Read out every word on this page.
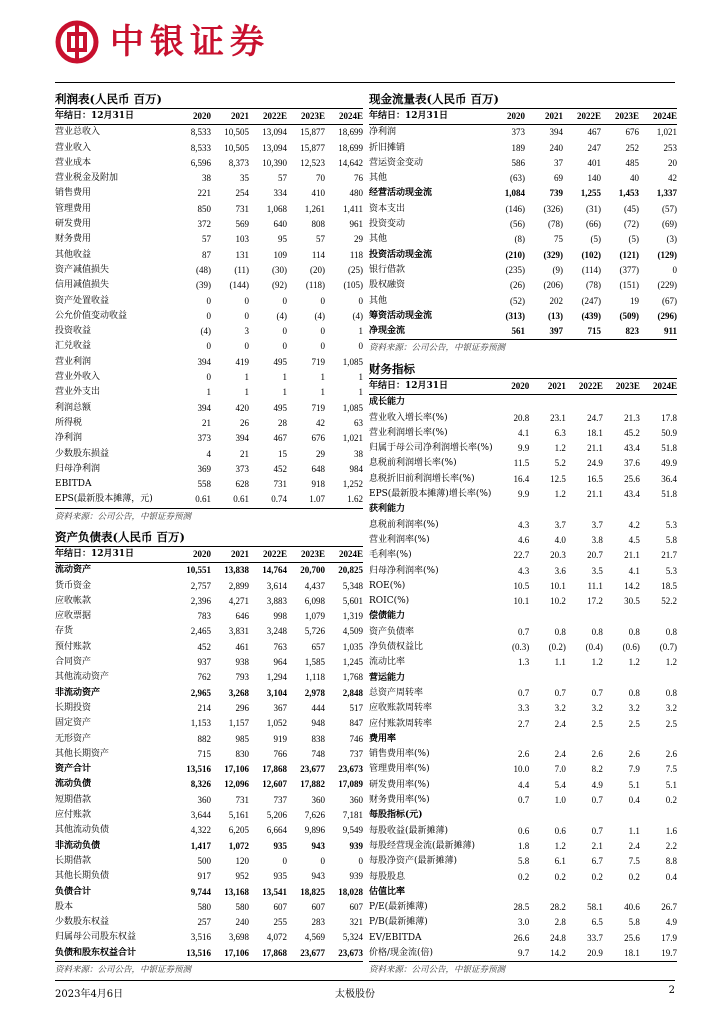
中银证券
利润表(人民币 百万)
年结日：12月31日	2020	2021	2022E	2023E	2024E
营业总收入	8,533	10,505	13,094	15,877	18,699
营业收入	8,533	10,505	13,094	15,877	18,699
营业成本	6,596	8,373	10,390	12,523	14,642
营业税金及附加	38	35	57	70	76
销售费用	221	254	334	410	480
管理费用	850	731	1,068	1,261	1,411
研发费用	372	569	640	808	961
财务费用	57	103	95	57	29
其他收益	87	131	109	114	118
资产减值损失	(48)	(11)	(30)	(20)	(25)
信用减值损失	(39)	(144)	(92)	(118)	(105)
资产处置收益	0	0	0	0	0
公允价值变动收益	0	0	(4)	(4)	(4)
投资收益	(4)	3	0	0	1
汇兑收益	0	0	0	0	0
营业利润	394	419	495	719	1,085
营业外收入	0	1	1	1	1
营业外支出	1	1	1	1	1
利润总额	394	420	495	719	1,085
所得税	21	26	28	42	63
净利润	373	394	467	676	1,021
少数股东损益	4	21	15	29	38
归母净利润	369	373	452	648	984
EBITDA	558	628	731	918	1,252
EPS(最新股本摊薄，元)	0.61	0.61	0.74	1.07	1.62
资料来源：公司公告，中银证券预测
资产负债表(人民币 百万)
年结日：12月31日	2020	2021	2022E	2023E	2024E
流动资产	10,551	13,838	14,764	20,700	20,825
货币资金	2,757	2,899	3,614	4,437	5,348
应收帐款	2,396	4,271	3,883	6,098	5,601
应收票据	783	646	998	1,079	1,319
存货	2,465	3,831	3,248	5,726	4,509
预付账款	452	461	763	657	1,035
合同资产	937	938	964	1,585	1,245
其他流动资产	762	793	1,294	1,118	1,768
非流动资产	2,965	3,268	3,104	2,978	2,848
长期投资	214	296	367	444	517
固定资产	1,153	1,157	1,052	948	847
无形资产	882	985	919	838	746
其他长期资产	715	830	766	748	737
资产合计	13,516	17,106	17,868	23,677	23,673
流动负债	8,326	12,096	12,607	17,882	17,089
短期借款	360	731	737	360	360
应付账款	3,644	5,161	5,206	7,626	7,181
其他流动负债	4,322	6,205	6,664	9,896	9,549
非流动负债	1,417	1,072	935	943	939
长期借款	500	120	0	0	0
其他长期负债	917	952	935	943	939
负债合计	9,744	13,168	13,541	18,825	18,028
股本	580	580	607	607	607
少数股东权益	257	240	255	283	321
归属母公司股东权益	3,516	3,698	4,072	4,569	5,324
负债和股东权益合计	13,516	17,106	17,868	23,677	23,673
资料来源：公司公告，中银证券预测
现金流量表(人民币 百万)
年结日：12月31日	2020	2021	2022E	2023E	2024E
净利润	373	394	467	676	1,021
折旧摊销	189	240	247	252	253
营运资金变动	586	37	401	485	20
其他	(63)	69	140	40	42
经营活动现金流	1,084	739	1,255	1,453	1,337
资本支出	(146)	(326)	(31)	(45)	(57)
投资变动	(56)	(78)	(66)	(72)	(69)
其他	(8)	75	(5)	(5)	(3)
投资活动现金流	(210)	(329)	(102)	(121)	(129)
银行借款	(235)	(9)	(114)	(377)	0
股权融资	(26)	(206)	(78)	(151)	(229)
其他	(52)	202	(247)	19	(67)
筹资活动现金流	(313)	(13)	(439)	(509)	(296)
净现金流	561	397	715	823	911
资料来源：公司公告，中银证券预测
财务指标
年结日：12月31日	2020	2021	2022E	2023E	2024E
成长能力					
营业收入增长率(%)	20.8	23.1	24.7	21.3	17.8
营业利润增长率(%)	4.1	6.3	18.1	45.2	50.9
归属于母公司净利润增长率(%)	9.9	1.2	21.1	43.4	51.8
息税前利润增长率(%)	11.5	5.2	24.9	37.6	49.9
息税折旧前利润增长率(%)	16.4	12.5	16.5	25.6	36.4
EPS(最新股本摊薄)增长率(%)	9.9	1.2	21.1	43.4	51.8
获利能力					
息税前利润率(%)	4.3	3.7	3.7	4.2	5.3
营业利润率(%)	4.6	4.0	3.8	4.5	5.8
毛利率(%)	22.7	20.3	20.7	21.1	21.7
归母净利润率(%)	4.3	3.6	3.5	4.1	5.3
ROE(%)	10.5	10.1	11.1	14.2	18.5
ROIC(%)	10.1	10.2	17.2	30.5	52.2
偿债能力					
资产负债率	0.7	0.8	0.8	0.8	0.8
净负债权益比	(0.3)	(0.2)	(0.4)	(0.6)	(0.7)
流动比率	1.3	1.1	1.2	1.2	1.2
营运能力					
总资产周转率	0.7	0.7	0.7	0.8	0.8
应收账款周转率	3.3	3.2	3.2	3.2	3.2
应付账款周转率	2.7	2.4	2.5	2.5	2.5
费用率					
销售费用率(%)	2.6	2.4	2.6	2.6	2.6
管理费用率(%)	10.0	7.0	8.2	7.9	7.5
研发费用率(%)	4.4	5.4	4.9	5.1	5.1
财务费用率(%)	0.7	1.0	0.7	0.4	0.2
每股指标(元)					
每股收益(最新摊薄)	0.6	0.6	0.7	1.1	1.6
每股经营现金流(最新摊薄)	1.8	1.2	2.1	2.4	2.2
每股净资产(最新摊薄)	5.8	6.1	6.7	7.5	8.8
每股股息	0.2	0.2	0.2	0.2	0.4
估值比率					
P/E(最新摊薄)	28.5	28.2	58.1	40.6	26.7
P/B(最新摊薄)	3.0	2.8	6.5	5.8	4.9
EV/EBITDA	26.6	24.8	33.7	25.6	17.9
价格/现金流(倍)	9.7	14.2	20.9	18.1	19.7
资料来源：公司公告，中银证券预测
2023年4月6日	太极股份	2
